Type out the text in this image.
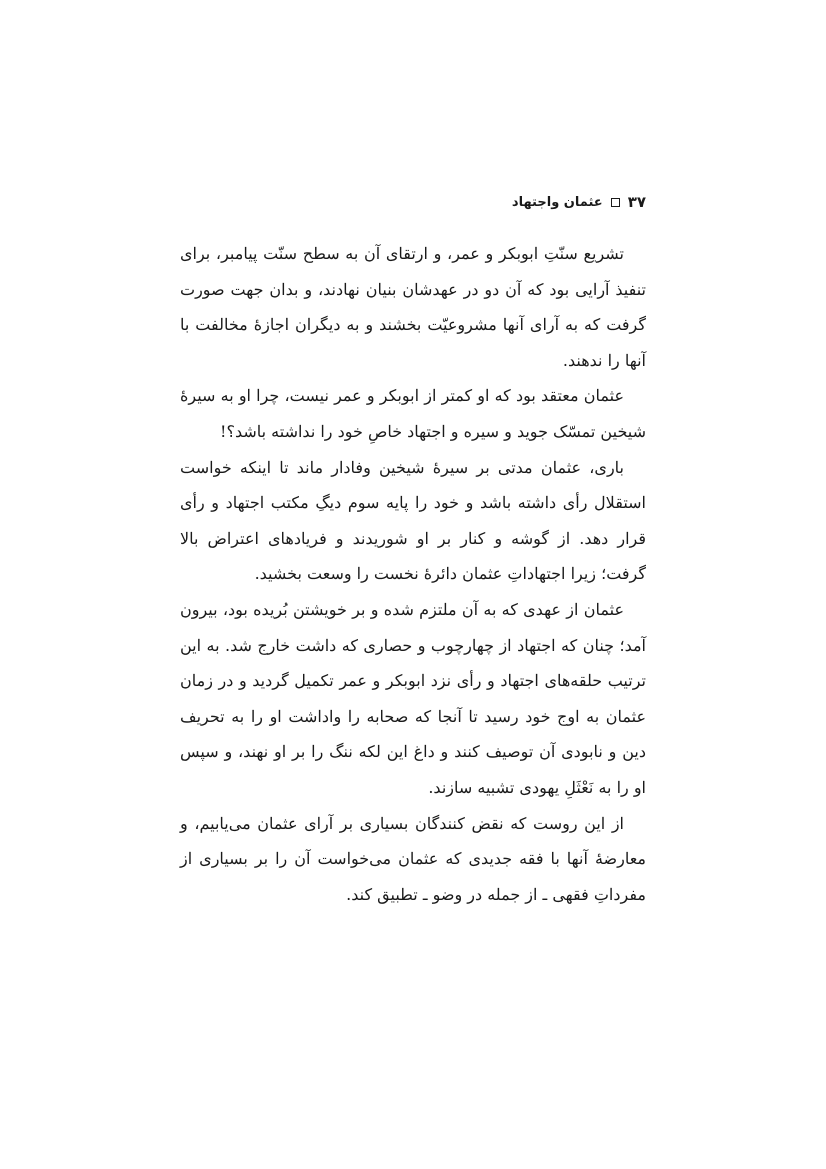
۳۷
عثمان واجتهاد

تشریع سنّتِ ابوبکر و عمر، و ارتقای آن به سطح سنّت پیامبر، برای تنفیذ آرایی بود که آن دو در عهدشان بنیان نهادند، و بدان جهت صورت گرفت که به آرای آنها مشروعیّت بخشند و به دیگران اجازهٔ مخالفت با آنها را ندهند.

عثمان معتقد بود که او کمتر از ابوبکر و عمر نیست، چرا او به سیرهٔ شیخین تمسّک جوید و سیره و اجتهاد خاصِ خود را نداشته باشد؟!

باری، عثمان مدتی بر سیرهٔ شیخین وفادار ماند تا اینکه خواست استقلال رأی داشته باشد و خود را پایه سوم دیگِ مکتب اجتهاد و رأی قرار دهد. از گوشه و کنار بر او شوریدند و فریادهای اعتراض بالا گرفت؛ زیرا اجتهاداتِ عثمان دائرهٔ نخست را وسعت بخشید.

عثمان از عهدی که به آن ملتزم شده و بر خویشتن بُریده بود، بیرون آمد؛ چنان که اجتهاد از چهارچوب و حصاری که داشت خارج شد. به این ترتیب حلقه‌های اجتهاد و رأی نزد ابوبکر و عمر تکمیل گردید و در زمان عثمان به اوج خود رسید تا آنجا که صحابه را واداشت او را به تحریف دین و نابودی آن توصیف کنند و داغ این لکه ننگ را بر او نهند، و سپس او را به نَعْثَلِ یهودی تشبیه سازند.

از این روست که نقض کنندگان بسیاری بر آرای عثمان می‌یابیم، و معارضهٔ آنها با فقه جدیدی که عثمان می‌خواست آن را بر بسیاری از مفرداتِ فقهی ـ از جمله در وضو ـ تطبیق کند.
